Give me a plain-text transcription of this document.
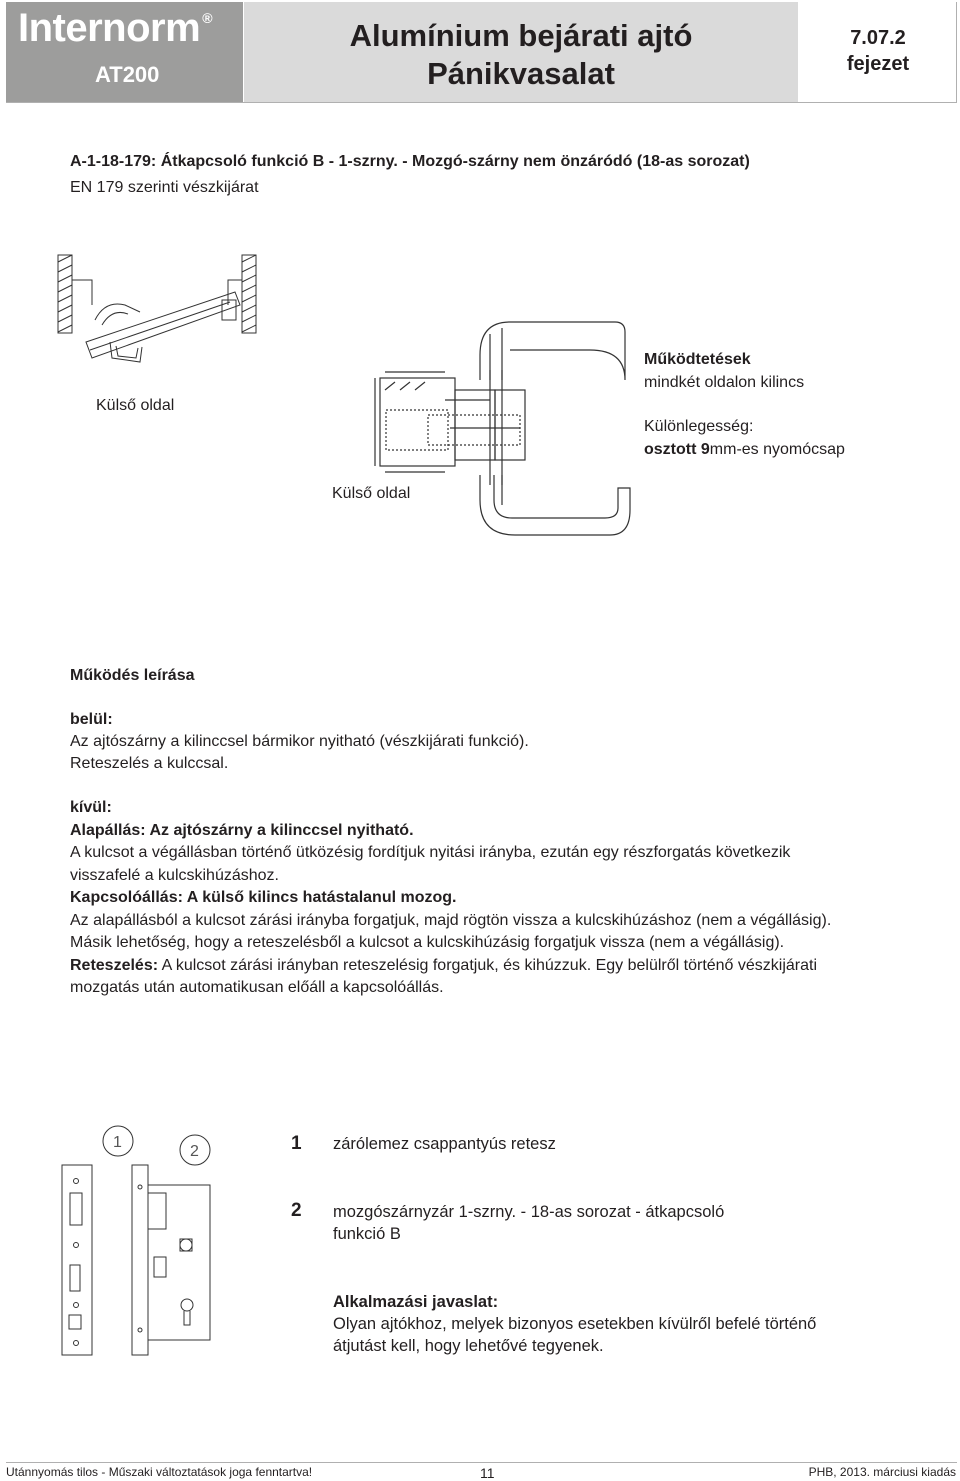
Internorm ®
AT200
Alumínium bejárati ajtó
Pánikvasalat
7.07.2
fejezet
A-1-18-179: Átkapcsoló funkció B - 1-szrny. - Mozgó-szárny nem önzáródó (18-as sorozat)
EN 179 szerinti vészkijárat
Külső oldal
Külső oldal
Működtetések
mindkét oldalon kilincs
Különlegesség:
osztott 9mm-es nyomócsap
Működés leírása
belül:
Az ajtószárny a kilinccsel bármikor nyitható (vészkijárati funkció).
Reteszelés a kulccsal.
kívül:
Alapállás: Az ajtószárny a kilinccsel nyitható.
A kulcsot a végállásban történő ütközésig fordítjuk nyitási irányba, ezután egy részforgatás következik
visszafelé a kulcskihúzáshoz.
Kapcsolóállás: A külső kilincs hatástalanul mozog.
Az alapállásból a kulcsot zárási irányba forgatjuk, majd rögtön vissza a kulcskihúzáshoz (nem a végállásig).
Másik lehetőség, hogy a reteszelésből a kulcsot a kulcskihúzásig forgatjuk vissza (nem a végállásig).
Reteszelés: A kulcsot zárási irányban reteszelésig forgatjuk, és kihúzzuk. Egy belülről történő vészkijárati
mozgatás után automatikusan előáll a kapcsolóállás.
1
2	1 zárólemez csappantyús retesz
2 mozgószárnyzár 1-szrny. - 18-as sorozat - átkapcsoló
funkció B
Alkalmazási javaslat:
Olyan ajtókhoz, melyek bizonyos esetekben kívülről befelé történő
átjutást kell, hogy lehetővé tegyenek.
Utánnyomás tilos - Műszaki változtatások joga fenntartva!	11	PHB, 2013. márciusi kiadás
